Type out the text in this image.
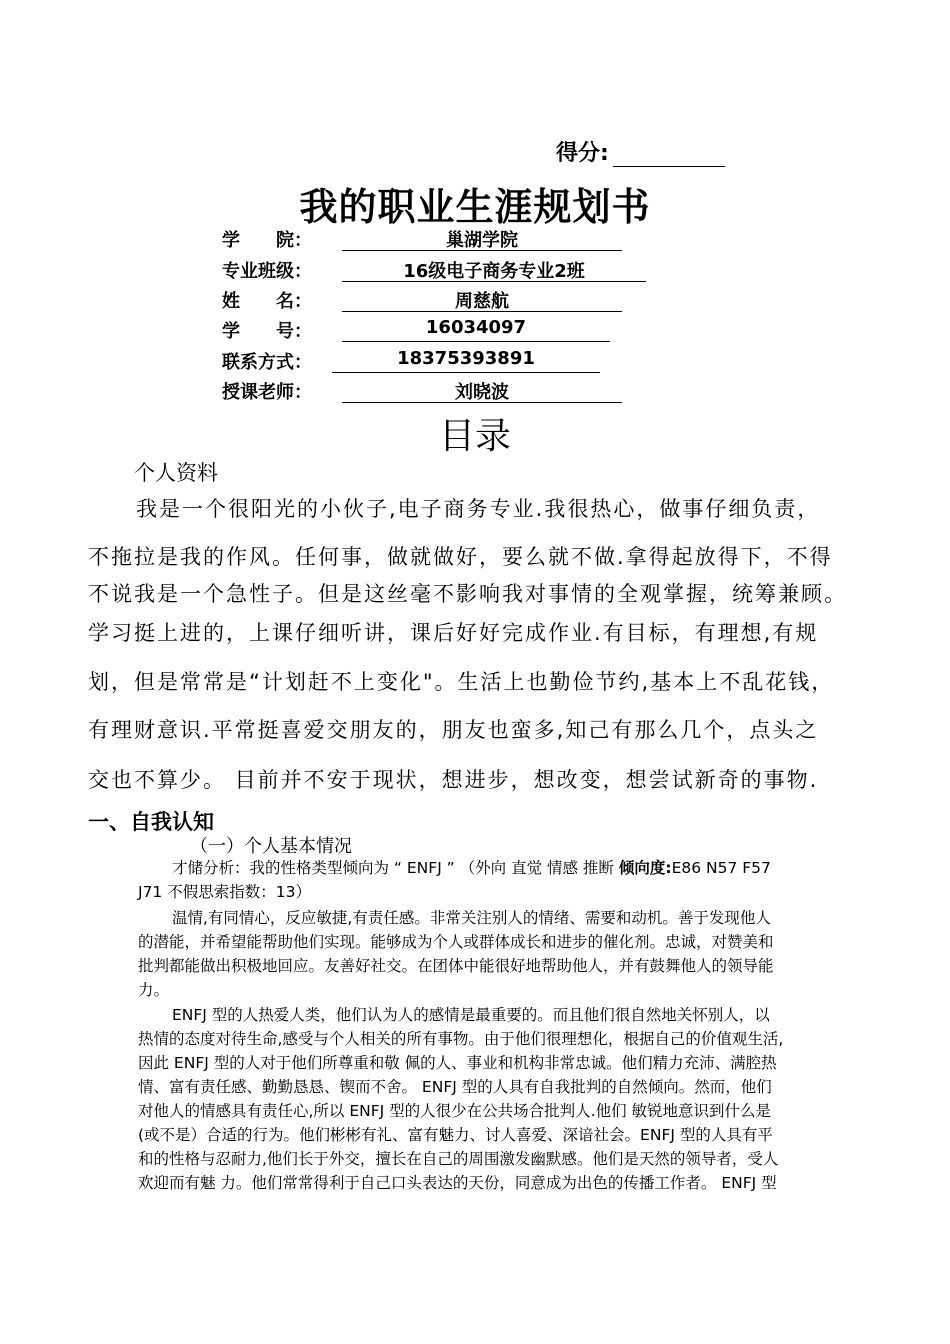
得分:
我的职业生涯规划书
学　　院：	巢湖学院
专业班级：	16级电子商务专业2班
姓　　名：	周慈航
学　　号：	16034097
联系方式：	18375393891
授课老师：	刘晓波
目录
个人资料
我是一个很阳光的小伙子,电子商务专业.我很热心，做事仔细负责，
不拖拉是我的作风。任何事，做就做好，要么就不做.拿得起放得下，不得
不说我是一个急性子。但是这丝毫不影响我对事情的全观掌握，统筹兼顾。
学习挺上进的，上课仔细听讲，课后好好完成作业.有目标，有理想,有规
划，但是常常是“计划赶不上变化"。生活上也勤俭节约,基本上不乱花钱，
有理财意识.平常挺喜爱交朋友的，朋友也蛮多,知己有那么几个，点头之
交也不算少。 目前并不安于现状，想进步，想改变，想尝试新奇的事物.
一、自我认知
（一）个人基本情况
才储分析：我的性格类型倾向为 “ ENFJ ” （外向 直觉 情感 推断 倾向度:E86 N57 F57
J71 不假思索指数：13）
温情,有同情心，反应敏捷,有责任感。非常关注别人的情绪、需要和动机。善于发现他人
的潜能，并希望能帮助他们实现。能够成为个人或群体成长和进步的催化剂。忠诚，对赞美和
批判都能做出积极地回应。友善好社交。在团体中能很好地帮助他人，并有鼓舞他人的领导能
力。
ENFJ 型的人热爱人类，他们认为人的感情是最重要的。而且他们很自然地关怀别人，以
热情的态度对待生命,感受与个人相关的所有事物。由于他们很理想化，根据自己的价值观生活,
因此 ENFJ 型的人对于他们所尊重和敬 佩的人、事业和机构非常忠诚。他们精力充沛、满腔热
情、富有责任感、勤勤恳恳、锲而不舍。 ENFJ 型的人具有自我批判的自然倾向。然而，他们
对他人的情感具有责任心,所以 ENFJ 型的人很少在公共场合批判人.他们 敏锐地意识到什么是
(或不是）合适的行为。他们彬彬有礼、富有魅力、讨人喜爱、深谙社会。ENFJ 型的人具有平
和的性格与忍耐力,他们长于外交，擅长在自己的周围激发幽默感。他们是天然的领导者，受人
欢迎而有魅 力。他们常常得利于自己口头表达的天份，同意成为出色的传播工作者。 ENFJ 型
